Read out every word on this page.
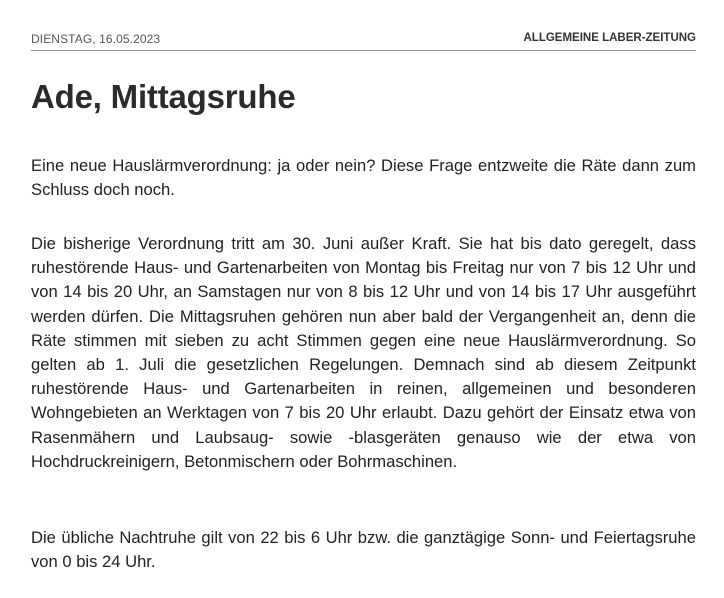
DIENSTAG, 16.05.2023	ALLGEMEINE LABER-ZEITUNG
Ade, Mittagsruhe

Eine neue Hauslärmverordnung: ja oder nein? Diese Frage entzweite die Räte dann zum Schluss doch noch.

Die bisherige Verordnung tritt am 30. Juni außer Kraft. Sie hat bis dato geregelt, dass ruhestörende Haus- und Gartenarbeiten von Montag bis Freitag nur von 7 bis 12 Uhr und von 14 bis 20 Uhr, an Samstagen nur von 8 bis 12 Uhr und von 14 bis 17 Uhr ausgeführt werden dürfen. Die Mittagsruhen gehören nun aber bald der Vergangenheit an, denn die Räte stimmen mit sieben zu acht Stimmen gegen eine neue Hauslärmverordnung. So gelten ab 1. Juli die gesetzlichen Regelungen. Demnach sind ab diesem Zeitpunkt ruhestörende Haus- und Gartenarbeiten in reinen, allgemeinen und besonderen Wohngebieten an Werktagen von 7 bis 20 Uhr erlaubt. Dazu gehört der Einsatz etwa von Rasenmähern und Laubsaug- sowie -blasgeräten genauso wie der etwa von Hochdruckreinigern, Betonmischern oder Bohrmaschinen.

Die übliche Nachtruhe gilt von 22 bis 6 Uhr bzw. die ganztägige Sonn- und Feiertagsruhe von 0 bis 24 Uhr.
